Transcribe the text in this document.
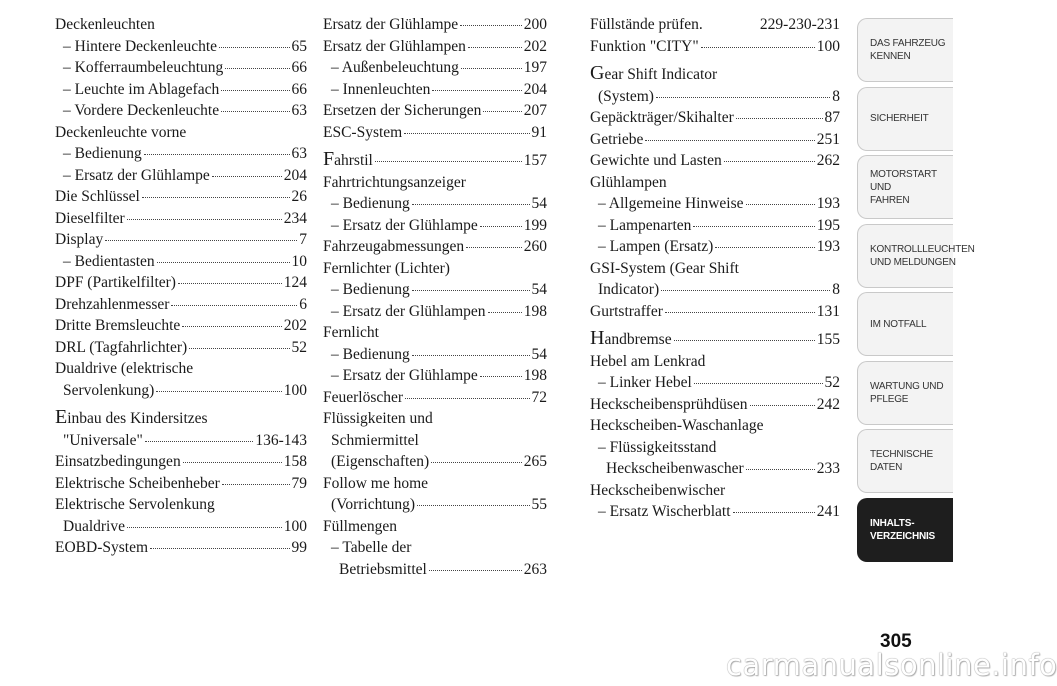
Deckenleuchten
– Hintere Deckenleuchte	65
– Kofferraumbeleuchtung	66
– Leuchte im Ablagefach	66
– Vordere Deckenleuchte	63
Deckenleuchte vorne
– Bedienung	63
– Ersatz der Glühlampe	204
Die Schlüssel	26
Dieselfilter	234
Display	7
– Bedientasten	10
DPF (Partikelfilter)	124
Drehzahlenmesser	6
Dritte Bremsleuchte	202
DRL (Tagfahrlichter)	52
Dualdrive (elektrische
Servolenkung)	100
Einbau des Kindersitzes
"Universale"	136-143
Einsatzbedingungen	158
Elektrische Scheibenheber	79
Elektrische Servolenkung
Dualdrive	100
EOBD-System	99
Ersatz der Glühlampe	200
Ersatz der Glühlampen	202
– Außenbeleuchtung	197
– Innenleuchten	204
Ersetzen der Sicherungen	207
ESC-System	91
Fahrstil	157
Fahrtrichtungsanzeiger
– Bedienung	54
– Ersatz der Glühlampe	199
Fahrzeugabmessungen	260
Fernlichter (Lichter)
– Bedienung	54
– Ersatz der Glühlampen 198
Fernlicht
– Bedienung	54
– Ersatz der Glühlampe	198
Feuerlöscher	72
Flüssigkeiten und
Schmiermittel
(Eigenschaften)	265
Follow me home
(Vorrichtung)	55
Füllmengen
– Tabelle der
Betriebsmittel	263
Füllstände prüfen.	229-230-231
Funktion "CITY"	100
Gear Shift Indicator
(System)	8
Gepäckträger/Skihalter	87
Getriebe	251
Gewichte und Lasten	262
Glühlampen
– Allgemeine Hinweise	193
– Lampenarten	195
– Lampen (Ersatz)	193
GSI-System (Gear Shift
Indicator)	8
Gurtstraffer	131
Handbremse	155
Hebel am Lenkrad
– Linker Hebel	52
Heckscheibensprühdüsen	242
Heckscheiben-Waschanlage
– Flüssigkeitsstand
Heckscheibenwascher	233
Heckscheibenwischer
– Ersatz Wischerblatt	241
DAS FAHRZEUG
KENNEN
SICHERHEIT
MOTORSTART UND
FAHREN
KONTROLLLEUCHTEN
UND MELDUNGEN
IM NOTFALL
WARTUNG UND
PFLEGE
TECHNISCHE
DATEN
INHALTS-
VERZEICHNIS
305
carmanualsonline.info
